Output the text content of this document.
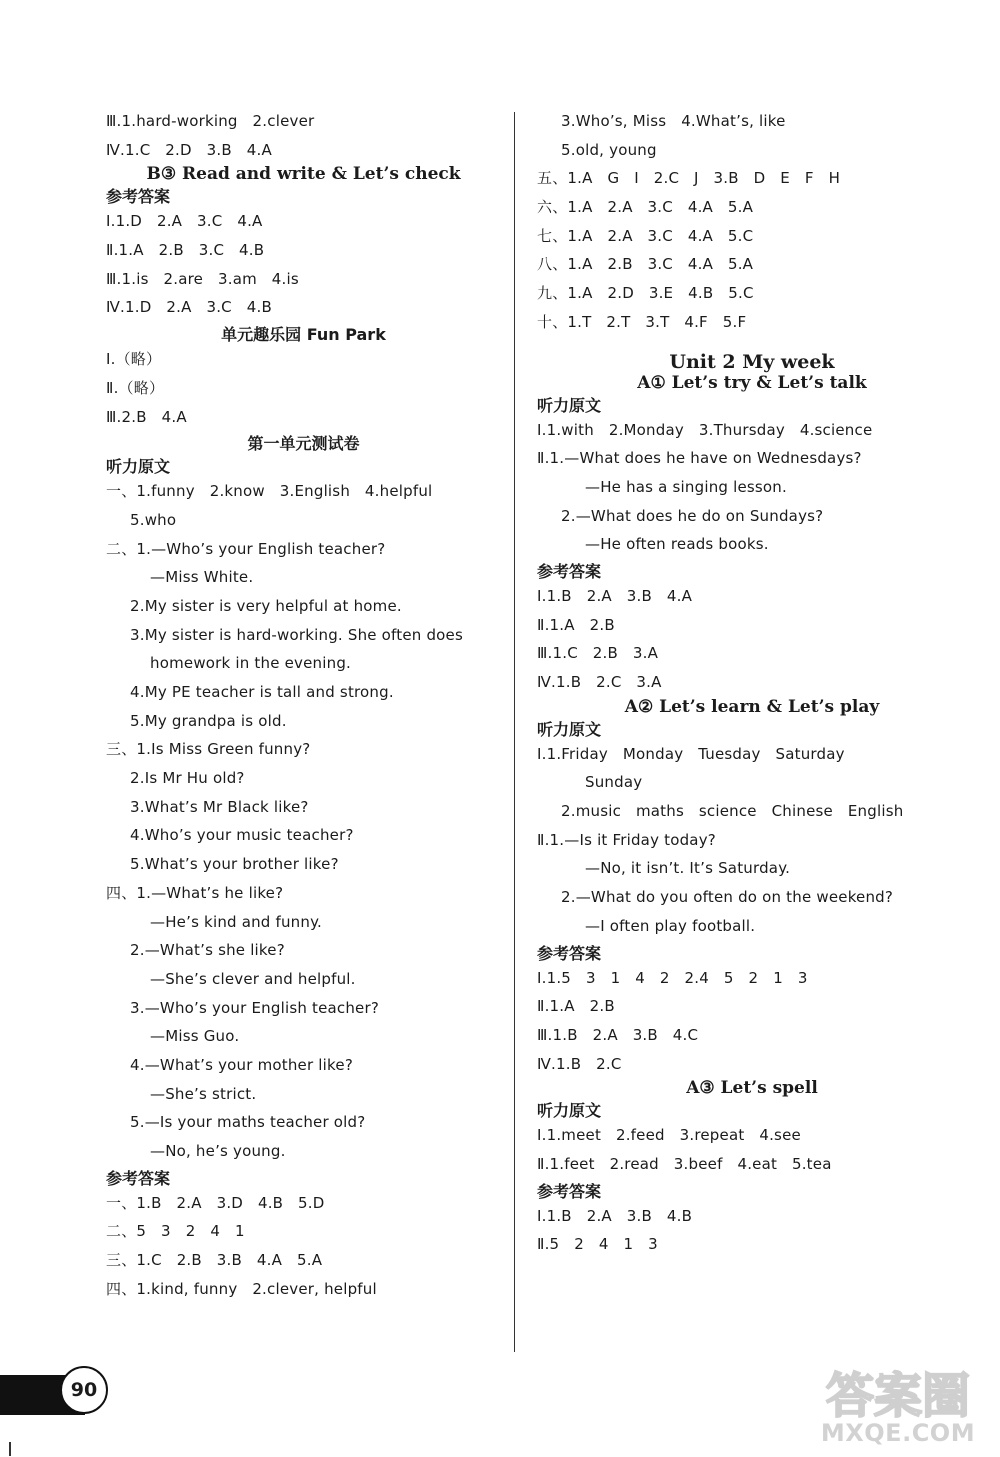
Ⅲ.1.hard-working   2.clever
Ⅳ.1.C   2.D   3.B   4.A
B③ Read and write & Let’s check
参考答案
Ⅰ.1.D   2.A   3.C   4.A
Ⅱ.1.A   2.B   3.C   4.B
Ⅲ.1.is   2.are   3.am   4.is
Ⅳ.1.D   2.A   3.C   4.B
单元趣乐园 Fun Park
Ⅰ.（略）
Ⅱ.（略）
Ⅲ.2.B   4.A
第一单元测试卷
听力原文
一、1.funny   2.know   3.English   4.helpful
5.who
二、1.—Who’s your English teacher?
—Miss White.
2.My sister is very helpful at home.
3.My sister is hard-working. She often does
homework in the evening.
4.My PE teacher is tall and strong.
5.My grandpa is old.
三、1.Is Miss Green funny?
2.Is Mr Hu old?
3.What’s Mr Black like?
4.Who’s your music teacher?
5.What’s your brother like?
四、1.—What’s he like?
—He’s kind and funny.
2.—What’s she like?
—She’s clever and helpful.
3.—Who’s your English teacher?
—Miss Guo.
4.—What’s your mother like?
—She’s strict.
5.—Is your maths teacher old?
—No, he’s young.
参考答案
一、1.B   2.A   3.D   4.B   5.D
二、5   3   2   4   1
三、1.C   2.B   3.B   4.A   5.A
四、1.kind, funny   2.clever, helpful
3.Who’s, Miss   4.What’s, like
5.old, young
五、1.A   G   I   2.C   J   3.B   D   E   F   H
六、1.A   2.A   3.C   4.A   5.A
七、1.A   2.A   3.C   4.A   5.C
八、1.A   2.B   3.C   4.A   5.A
九、1.A   2.D   3.E   4.B   5.C
十、1.T   2.T   3.T   4.F   5.F
Unit 2 My week
A① Let’s try & Let’s talk
听力原文
Ⅰ.1.with   2.Monday   3.Thursday   4.science
Ⅱ.1.—What does he have on Wednesdays?
—He has a singing lesson.
2.—What does he do on Sundays?
—He often reads books.
参考答案
Ⅰ.1.B   2.A   3.B   4.A
Ⅱ.1.A   2.B
Ⅲ.1.C   2.B   3.A
Ⅳ.1.B   2.C   3.A
A② Let’s learn & Let’s play
听力原文
Ⅰ.1.Friday   Monday   Tuesday   Saturday
Sunday
2.music   maths   science   Chinese   English
Ⅱ.1.—Is it Friday today?
—No, it isn’t. It’s Saturday.
2.—What do you often do on the weekend?
—I often play football.
参考答案
Ⅰ.1.5   3   1   4   2   2.4   5   2   1   3
Ⅱ.1.A   2.B
Ⅲ.1.B   2.A   3.B   4.C
Ⅳ.1.B   2.C
A③ Let’s spell
听力原文
Ⅰ.1.meet   2.feed   3.repeat   4.see
Ⅱ.1.feet   2.read   3.beef   4.eat   5.tea
参考答案
Ⅰ.1.B   2.A   3.B   4.B
Ⅱ.5   2   4   1   3
90	答案圈
MXQE.COM
